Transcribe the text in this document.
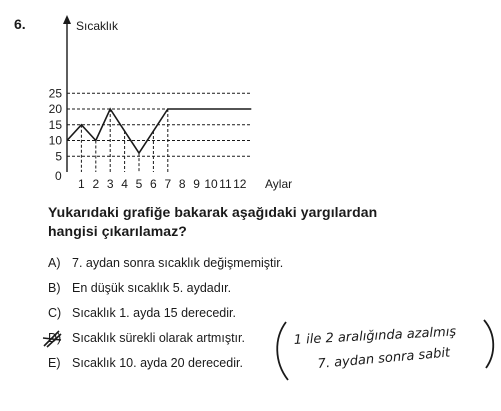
6.
5
10
15
20
25
1 2 3 4 5 6 7 8 9 10 11 12
Sıcaklık
Aylar
0
Yukarıdaki grafiğe bakarak aşağıdaki yargılardan hangisi çıkarılamaz?
A) 7. aydan sonra sıcaklık değişmemiştir.
B) En düşük sıcaklık 5. aydadır.
C) Sıcaklık 1. ayda 15 derecedir.
D) Sıcaklık sürekli olarak artmıştır.
E) Sıcaklık 10. ayda 20 derecedir.
1 ile 2 aralığında azalmış
7. aydan sonra sabit
